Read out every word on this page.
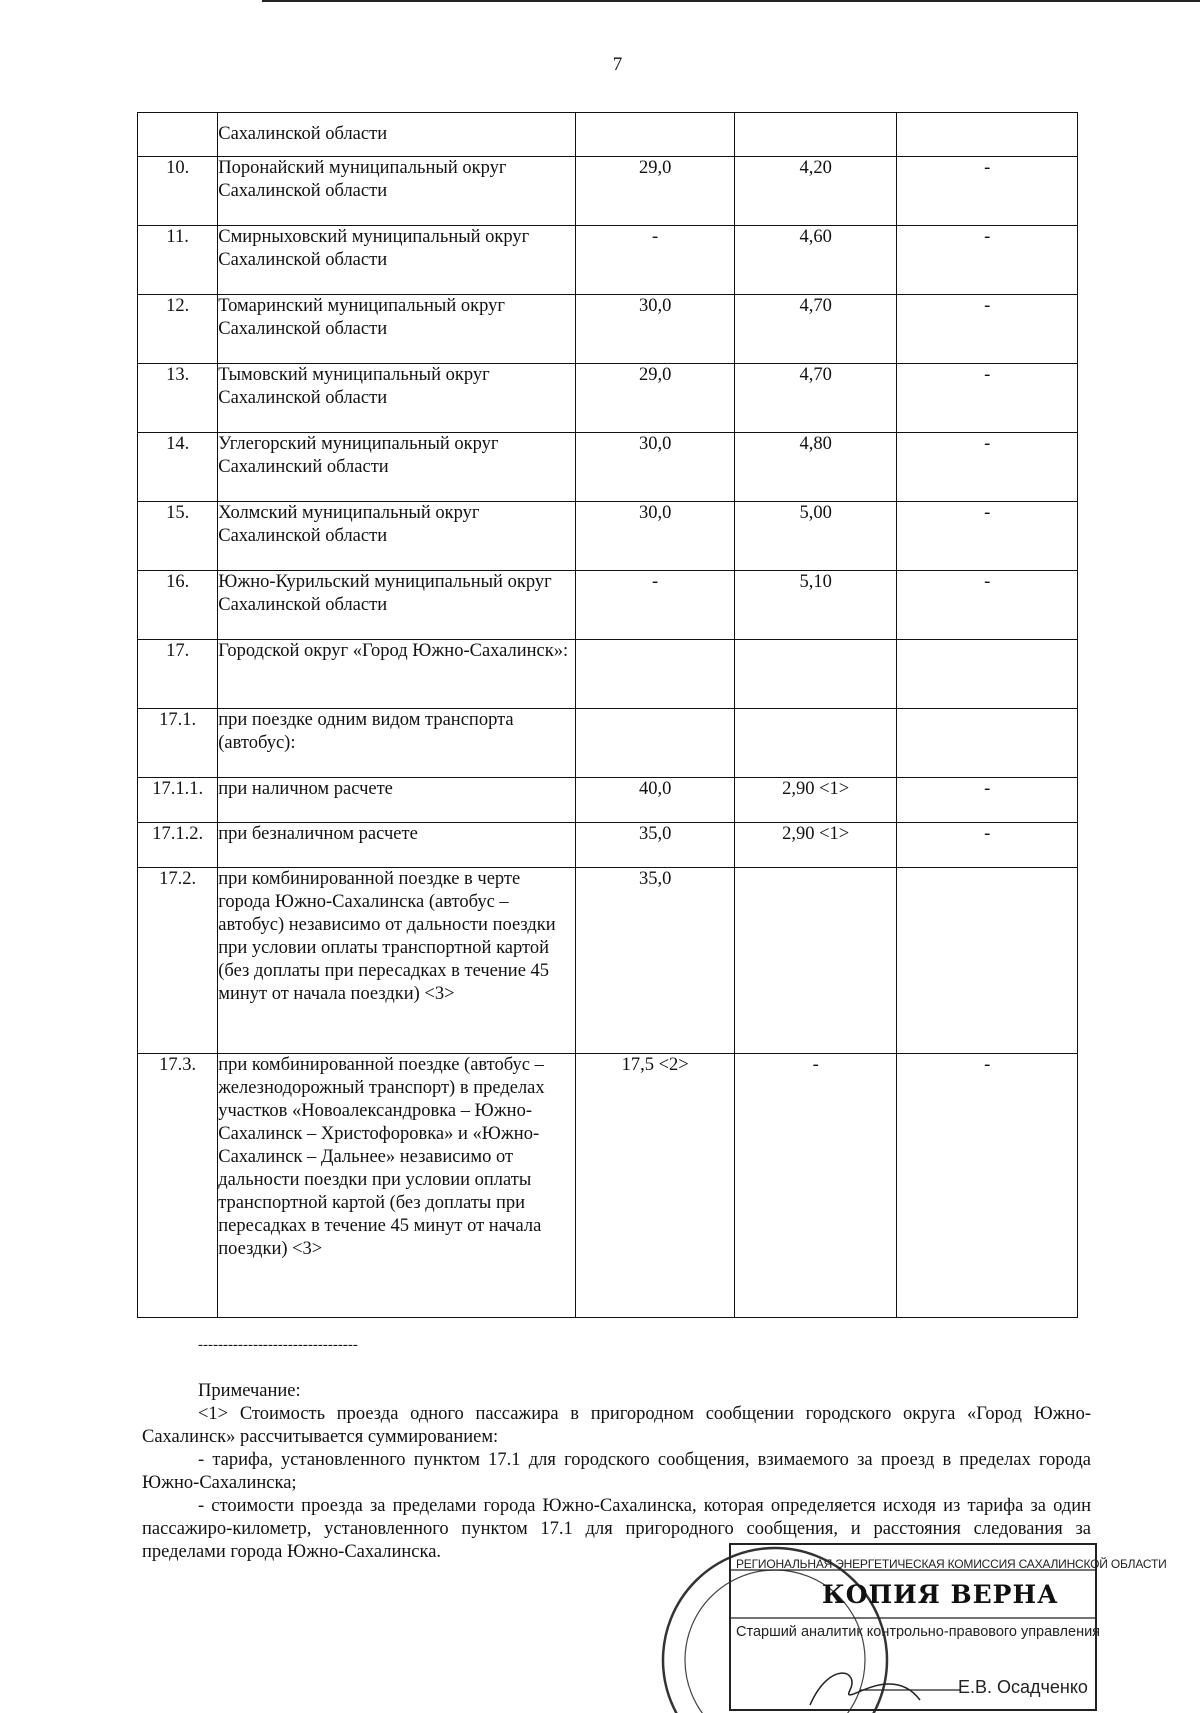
7
	Сахалинской области			
10.	Поронайский муниципальный округ Сахалинской области	29,0	4,20	-
11.	Смирныховский муниципальный округ Сахалинской области	-	4,60	-
12.	Томаринский муниципальный округ Сахалинской области	30,0	4,70	-
13.	Тымовский муниципальный округ Сахалинской области	29,0	4,70	-
14.	Углегорский муниципальный округ Сахалинский области	30,0	4,80	-
15.	Холмский муниципальный округ Сахалинской области	30,0	5,00	-
16.	Южно-Курильский муниципальный округ Сахалинской области	-	5,10	-
17.	Городской округ «Город Южно-Сахалинск»:			
17.1.	при поездке одним видом транспорта (автобус):			
17.1.1.	при наличном расчете	40,0	2,90 <1>	-
17.1.2.	при безналичном расчете	35,0	2,90 <1>	-
17.2.	при комбинированной поездке в черте города Южно-Сахалинска (автобус – автобус) независимо от дальности поездки при условии оплаты транспортной картой (без доплаты при пересадках в течение 45 минут от начала поездки) <3>	35,0		
17.3.	при комбинированной поездке (автобус – железнодорожный транспорт) в пределах участков «Новоалександровка – Южно-Сахалинск – Христофоровка» и «Южно-Сахалинск – Дальнее» независимо от дальности поездки при условии оплаты транспортной картой (без доплаты при пересадках в течение 45 минут от начала поездки) <3>	17,5 <2>	-	-
--------------------------------

Примечание:

<1> Стоимость проезда одного пассажира в пригородном сообщении городского округа «Город Южно-Сахалинск» рассчитывается суммированием:

- тарифа, установленного пунктом 17.1 для городского сообщения, взимаемого за проезд в пределах города Южно-Сахалинска;

- стоимости проезда за пределами города Южно-Сахалинска, которая определяется исходя из тарифа за один пассажиро-километр, установленного пунктом 17.1 для пригородного сообщения, и расстояния следования за пределами города Южно-Сахалинска.

РЕГИОНАЛЬНАЯ ЭНЕРГЕТИЧЕСКАЯ КОМИССИЯ САХАЛИНСКОЙ ОБЛАСТИ
КОПИЯ ВЕРНА
Старший аналитик контрольно-правового управления
Е.В. Осадченко
